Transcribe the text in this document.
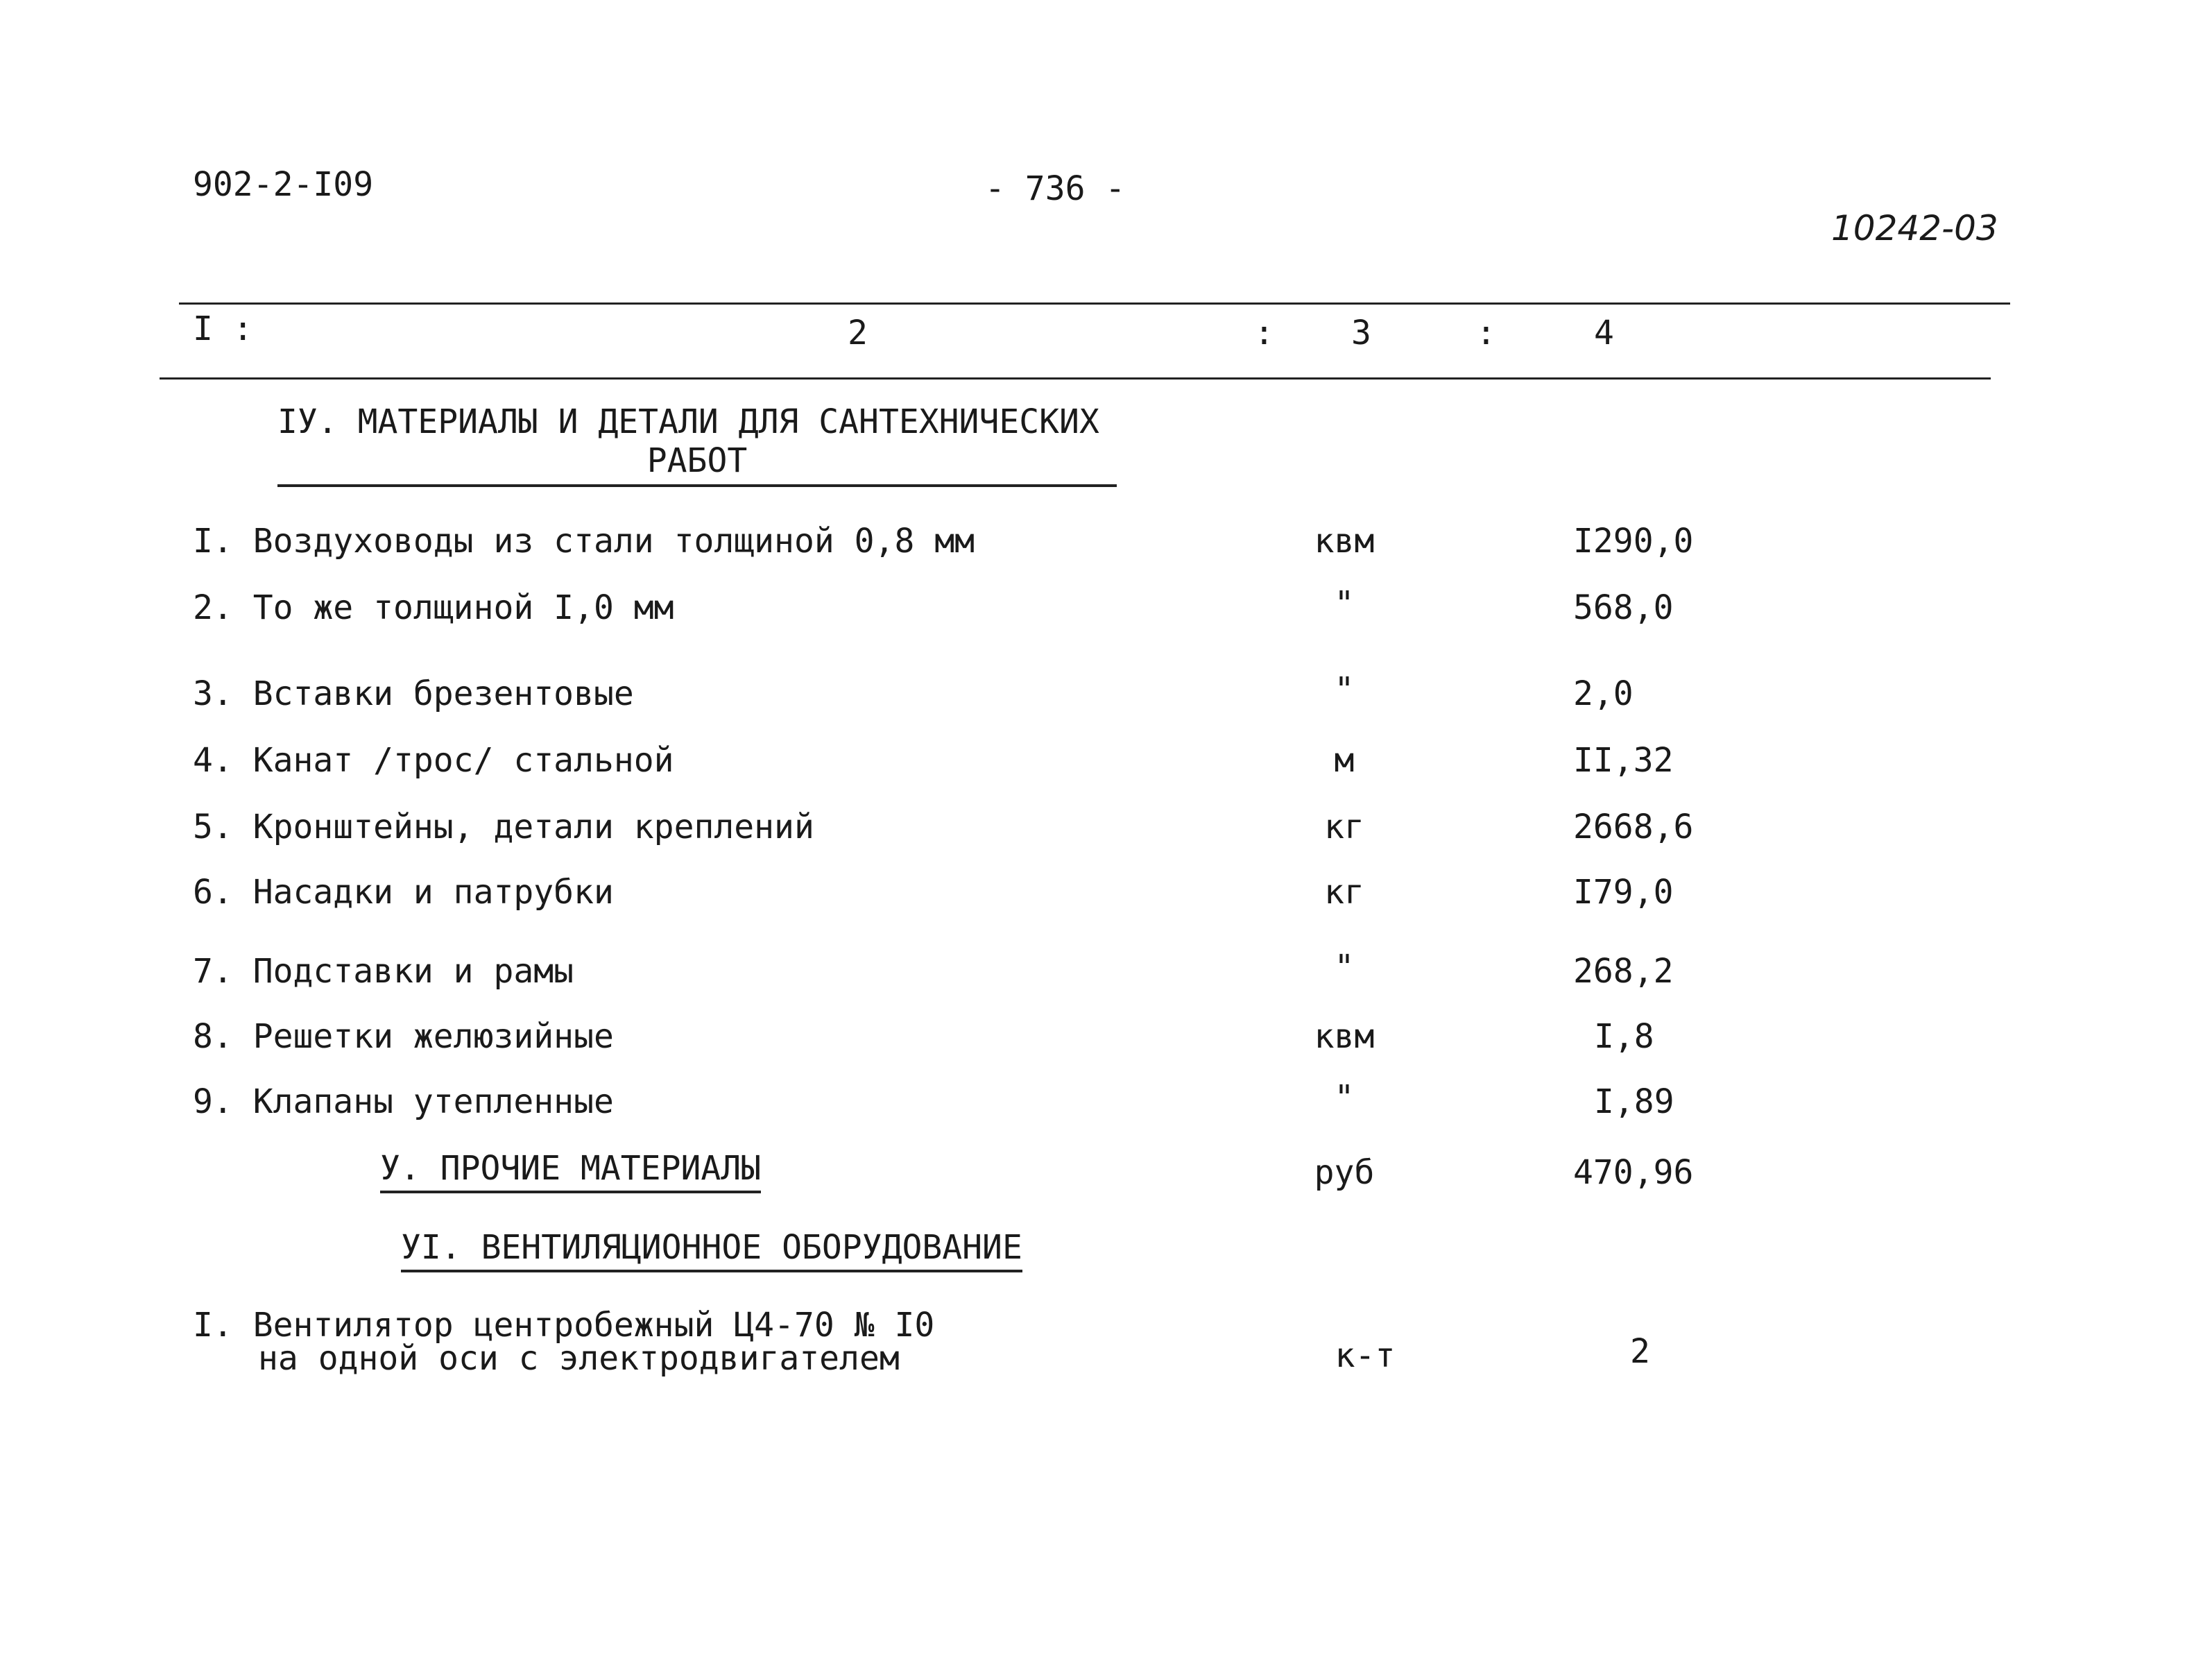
902-2-I09	- 736 -
10242-03
I :	2	: 3	:	4
IУ. МАТЕРИАЛЫ И ДЕТАЛИ ДЛЯ САНТЕХНИЧЕСКИХ
РАБОТ
I. Воздуховоды из стали толщиной 0,8 мм	квм	I290,0
2. То же толщиной I,0 мм	"	568,0
3. Вставки брезентовые	"	2,0
4. Канат /трос/ стальной	м	II,32
5. Кронштейны, детали креплений	кг	2668,6
6. Насадки и патрубки	кг	I79,0
7. Подставки и рамы	"	268,2
8. Решетки желюзийные	квм	I,8
9. Клапаны утепленные	"	I,89
У. ПРОЧИЕ МАТЕРИАЛЫ	руб	470,96
УI. ВЕНТИЛЯЦИОННОЕ ОБОРУДОВАНИЕ
I. Вентилятор центробежный Ц4-70 № I0
на одной оси с электродвигателем	к-т	2
